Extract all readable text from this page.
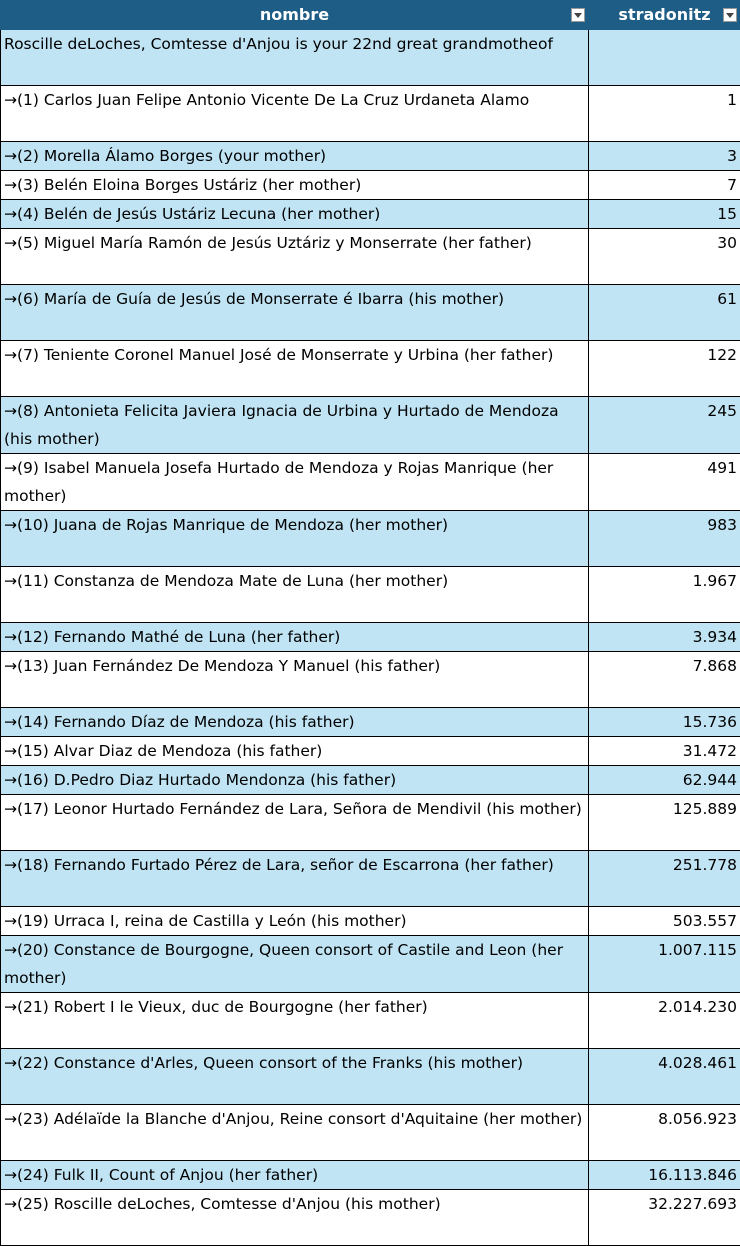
nombre	stradonitz

Roscille deLoches, Comtesse d'Anjou is your 22nd great grandmotheof	
→(1) Carlos Juan Felipe Antonio Vicente De La Cruz Urdaneta Alamo	1
→(2) Morella Álamo Borges (your mother)	3
→(3) Belén Eloina Borges Ustáriz (her mother)	7
→(4) Belén de Jesús Ustáriz Lecuna (her mother)	15
→(5) Miguel María Ramón de Jesús Uztáriz y Monserrate (her father)	30
→(6) María de Guía de Jesús de Monserrate é Ibarra (his mother)	61
→(7) Teniente Coronel Manuel José de Monserrate y Urbina (her father)	122
→(8) Antonieta Felicita Javiera Ignacia de Urbina y Hurtado de Mendoza (his mother)	245
→(9) Isabel Manuela Josefa Hurtado de Mendoza y Rojas Manrique (her mother)	491
→(10) Juana de Rojas Manrique de Mendoza (her mother)	983
→(11) Constanza de Mendoza Mate de Luna (her mother)	1.967
→(12) Fernando Mathé de Luna (her father)	3.934
→(13) Juan Fernández De Mendoza Y Manuel (his father)	7.868
→(14) Fernando Díaz de Mendoza (his father)	15.736
→(15) Alvar Diaz de Mendoza (his father)	31.472
→(16) D.Pedro Diaz Hurtado Mendonza (his father)	62.944
→(17) Leonor Hurtado Fernández de Lara, Señora de Mendivil (his mother)	125.889
→(18) Fernando Furtado Pérez de Lara, señor de Escarrona (her father)	251.778
→(19) Urraca I, reina de Castilla y León (his mother)	503.557
→(20) Constance de Bourgogne, Queen consort of Castile and Leon (her mother)	1.007.115
→(21) Robert I le Vieux, duc de Bourgogne (her father)	2.014.230
→(22) Constance d'Arles, Queen consort of the Franks (his mother)	4.028.461
→(23) Adélaïde la Blanche d'Anjou, Reine consort d'Aquitaine (her mother)	8.056.923
→(24) Fulk II, Count of Anjou (her father)	16.113.846
→(25) Roscille deLoches, Comtesse d'Anjou (his mother)	32.227.693
